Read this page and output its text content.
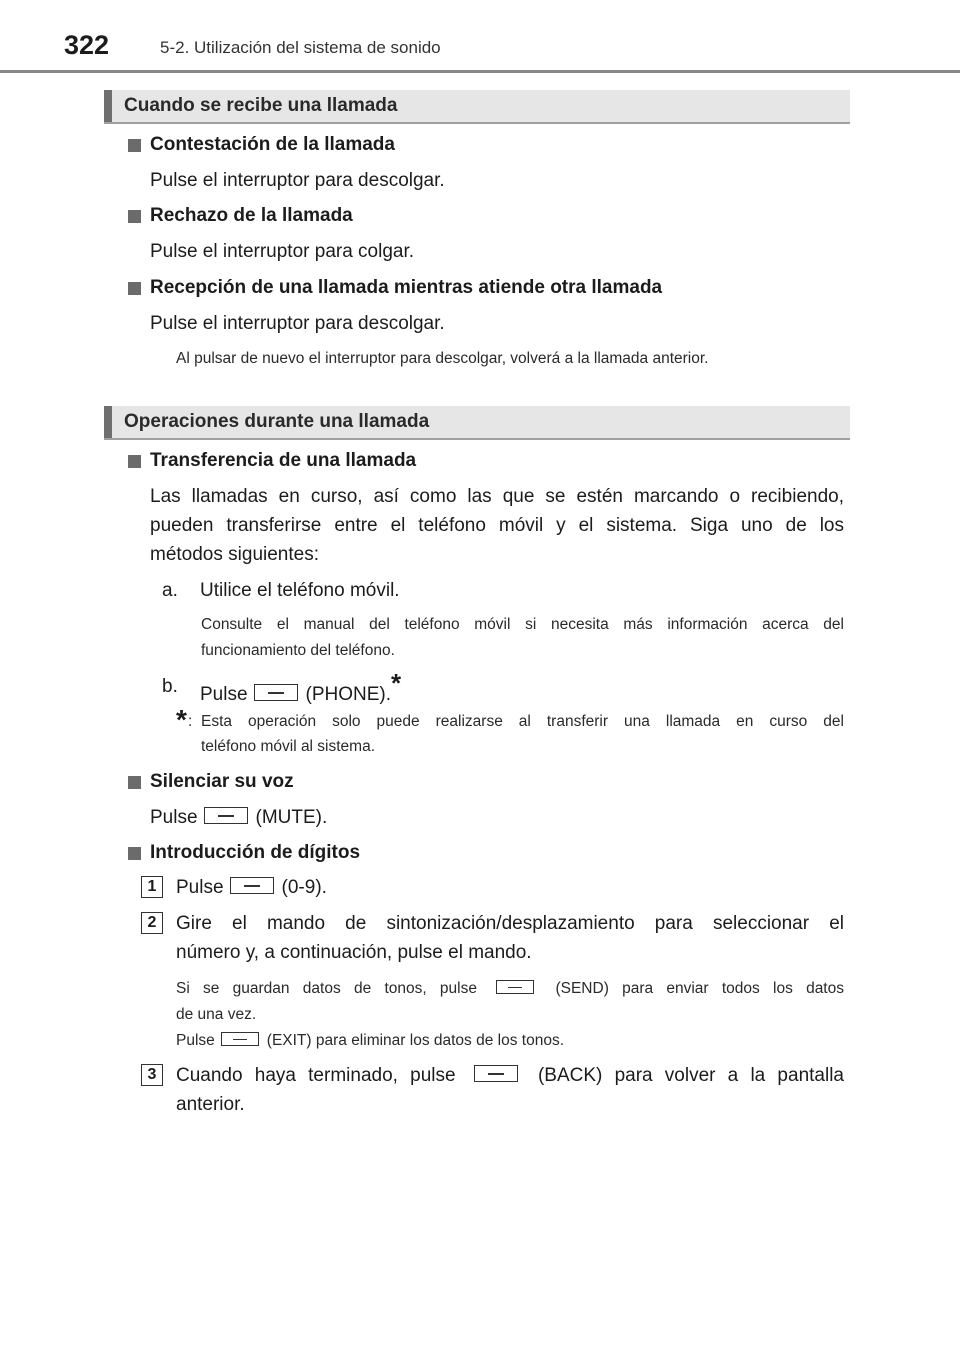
322	5-2. Utilización del sistema de sonido
Cuando se recibe una llamada
Contestación de la llamada
Pulse el interruptor para descolgar.
Rechazo de la llamada
Pulse el interruptor para colgar.
Recepción de una llamada mientras atiende otra llamada
Pulse el interruptor para descolgar.
Al pulsar de nuevo el interruptor para descolgar, volverá a la llamada anterior.
Operaciones durante una llamada
Transferencia de una llamada
Las llamadas en curso, así como las que se estén marcando o recibiendo,
pueden transferirse entre el teléfono móvil y el sistema. Siga uno de los
métodos siguientes:
a. Utilice el teléfono móvil.
Consulte el manual del teléfono móvil si necesita más información acerca del
funcionamiento del teléfono.
b. Pulse	(PHONE).*
* : Esta operación solo puede realizarse al transferir una llamada en curso del
teléfono móvil al sistema.
Silenciar su voz
Pulse	(MUTE).
Introducción de dígitos
1	Pulse	(0-9).
2	Gire el mando de sintonización/desplazamiento para seleccionar el
número y, a continuación, pulse el mando.
Si se guardan datos de tonos, pulse	(SEND) para enviar todos los datos
de una vez.
Pulse	(EXIT) para eliminar los datos de los tonos.
3	Cuando haya terminado, pulse	(BACK) para volver a la pantalla
anterior.
